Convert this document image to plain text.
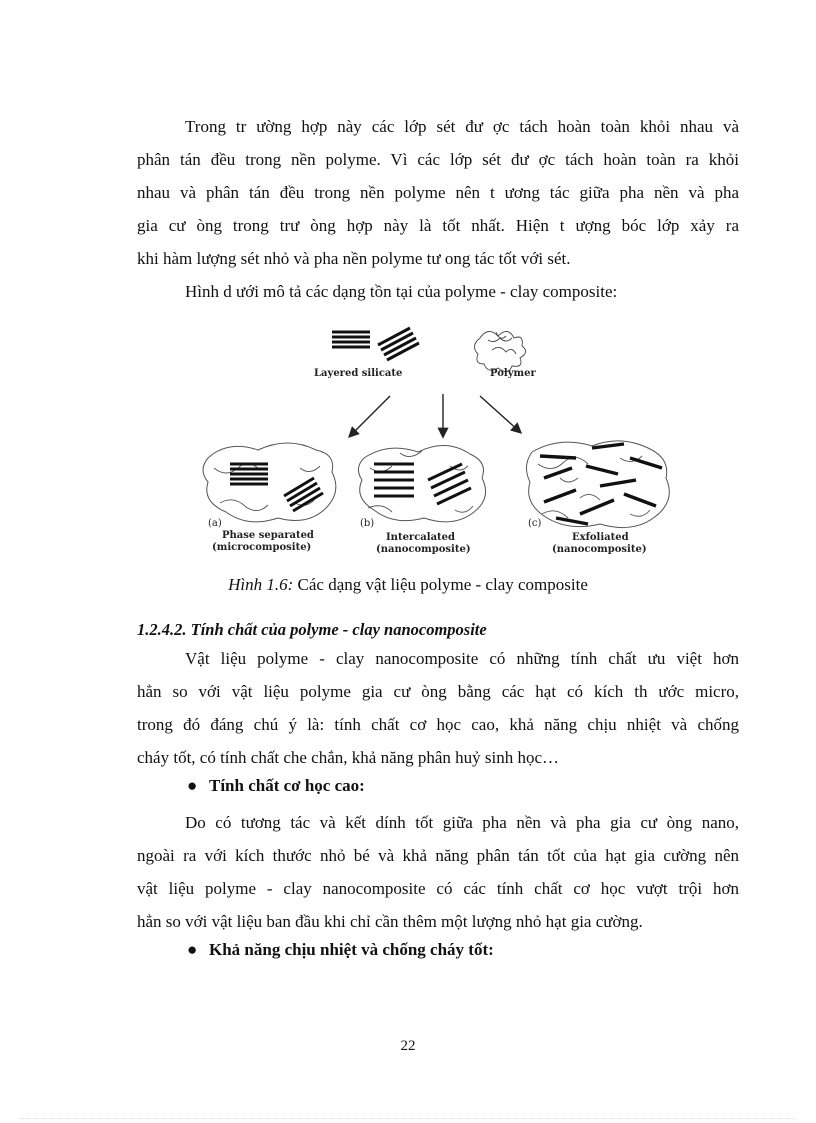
Trong tr ường hợp này các lớp sét đư ợc tách hoàn toàn khỏi nhau và
phân tán đều trong nền polyme. Vì các lớp sét đư ợc tách hoàn toàn ra khỏi
nhau và phân tán đều trong nền polyme nên t ương tác giữa pha nền và pha
gia cư òng trong trư òng hợp này là tốt nhất. Hiện t ượng bóc lớp xảy ra
khi hàm lượng sét nhỏ và pha nền polyme tư ong tác tốt với sét.
Hình d ưới mô tả các dạng tồn tại của polyme - clay composite:
Layered silicate	Polymer
(a)
Phase separated
(microcomposite)
(b)
Intercalated
(nanocomposite)
(c)
Exfoliated
(nanocomposite)

Hình 1.6: Các dạng vật liệu polyme - clay composite

1.2.4.2. Tính chất của polyme - clay nanocomposite

Vật liệu polyme - clay nanocomposite có những tính chất ưu việt hơn
hẳn so với vật liệu polyme gia cư òng bằng các hạt có kích th ước micro,
trong đó đáng chú ý là: tính chất cơ học cao, khả năng chịu nhiệt và chống
cháy tốt, có tính chất che chắn, khả năng phân huỷ sinh học…

● Tính chất cơ học cao:

Do có tương tác và kết dính tốt giữa pha nền và pha gia cư òng nano,
ngoài ra với kích thước nhỏ bé và khả năng phân tán tốt của hạt gia cường nên
vật liệu polyme - clay nanocomposite có các tính chất cơ học vượt trội hơn
hẳn so với vật liệu ban đầu khi chỉ cần thêm một lượng nhỏ hạt gia cường.

● Khả năng chịu nhiệt và chống cháy tốt:

22
